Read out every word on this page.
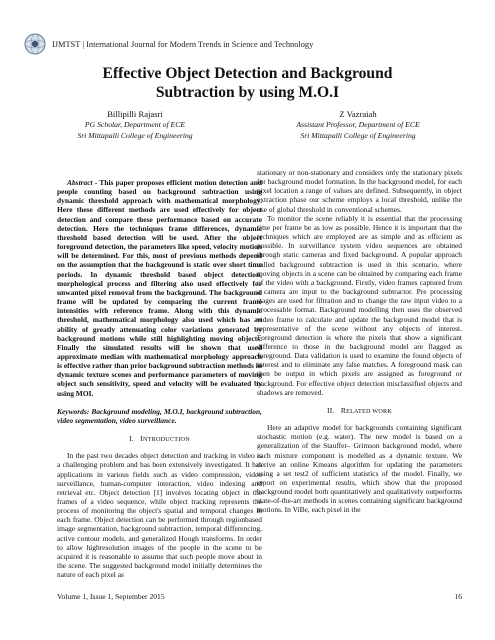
IJMTST | International Journal for Modern Trends in Science and Technology
Effective Object Detection and Background
Subtraction by using M.O.I
Billipilli Rajasri
PG Scholar, Department of ECE
Sri Mittapalli College of Engineering
Z Vazraiah
Assistant Professor, Department of ECE
Sri Mittapalli College of Engineering

Abstract - This paper proposes efficient motion detection and people counting based on background subtraction using dynamic threshold approach with mathematical morphology. Here these different methods are used effectively for object detection and compare these performance based on accurate detection. Here the techniques frame differences, dynamic threshold based detection will be used. After the object foreground detection, the parameters like speed, velocity motion will be determined. For this, most of previous methods depend on the assumption that the background is static over short time periods. In dynamic threshold based object detection, morphological process and filtering also used effectively for unwanted pixel removal from the background. The background frame will be updated by comparing the current frame intensities with reference frame. Along with this dynamic threshold, mathematical morphology also used which has an ability of greatly attenuating color variations generated by background motions while still highlighting moving objects. Finally the simulated results will be shown that used approximate median with mathematical morphology approach is effective rather than prior background subtraction methods in dynamic texture scenes and performance parameters of moving object such sensitivity, speed and velocity will be evaluated by using MOI.

Keywords: Background modeling, M.O.I, background subtraction, video segmentation, video surveillance.

I. INTRODUCTION

In the past two decades object detection and tracking in video is a challenging problem and has been extensively investigated. It has applications in various fields such as video compression, video surveillance, human-computer interaction, video indexing and retrieval etc. Object detection [1] involves locating object in the frames of a video sequence, while object tracking represents the process of monitoring the object's spatial and temporal changes in each frame. Object detection can be performed through regionbased image segmentation, background subtraction, temporal differencing, active contour models, and generalized Hough transforms. In order to allow highresolution images of the people in the scene to be acquired it is reasonable to assume that such people move about in the scene. The suggested background model initially determines the nature of each pixel as

stationary or non-stationary and considers only the stationary pixels for background model formation. In the background model, for each pixel location a range of values are defined. Subsequently, in object extraction phase our scheme employs a local threshold, unlike the use of global threshold in conventional schemes.

To monitor the scene reliably it is essential that the processing time per frame be as low as possible. Hence it is important that the techniques which are employed are as simple and as efficient as possible. In surveillance system video sequences are obtained through static cameras and fixed background. A popular approach called background subtraction is used in this scenario, where moving objects in a scene can be obtained by comparing each frame of the video with a background. Firstly, video frames captured from a camera are input to the background subtractor. Pre processing stages are used for filtration and to change the raw input video to a processable format. Background modelling then uses the observed video frame to calculate and update the background model that is representative of the scene without any objects of interest. Foreground detection is where the pixels that show a significant difference to those in the background model are flagged as foreground. Data validation is used to examine the found objects of interest and to eliminate any false matches. A foreground mask can then be output in which pixels are assigned as foreground or background. For effective object detection misclassified objects and shadows are removed.

II. RELATED WORK

Here an adaptive model for backgrounds containing significant stochastic motion (e.g. water). The new model is based on a generalization of the Stauffer– Grimson background model, where each mixture component is modelled as a dynamic texture. We derive an online Kmeans algorithm for updating the parameters using a set test2 of sufficient statistics of the model. Finally, we report on experimental results, which show that the proposed background model both quantitatively and qualitatively outperforms state-of-the-art methods in scenes containing significant background motions. In ViBe, each pixel in the

Volume 1, Issue 1, September 2015	16
